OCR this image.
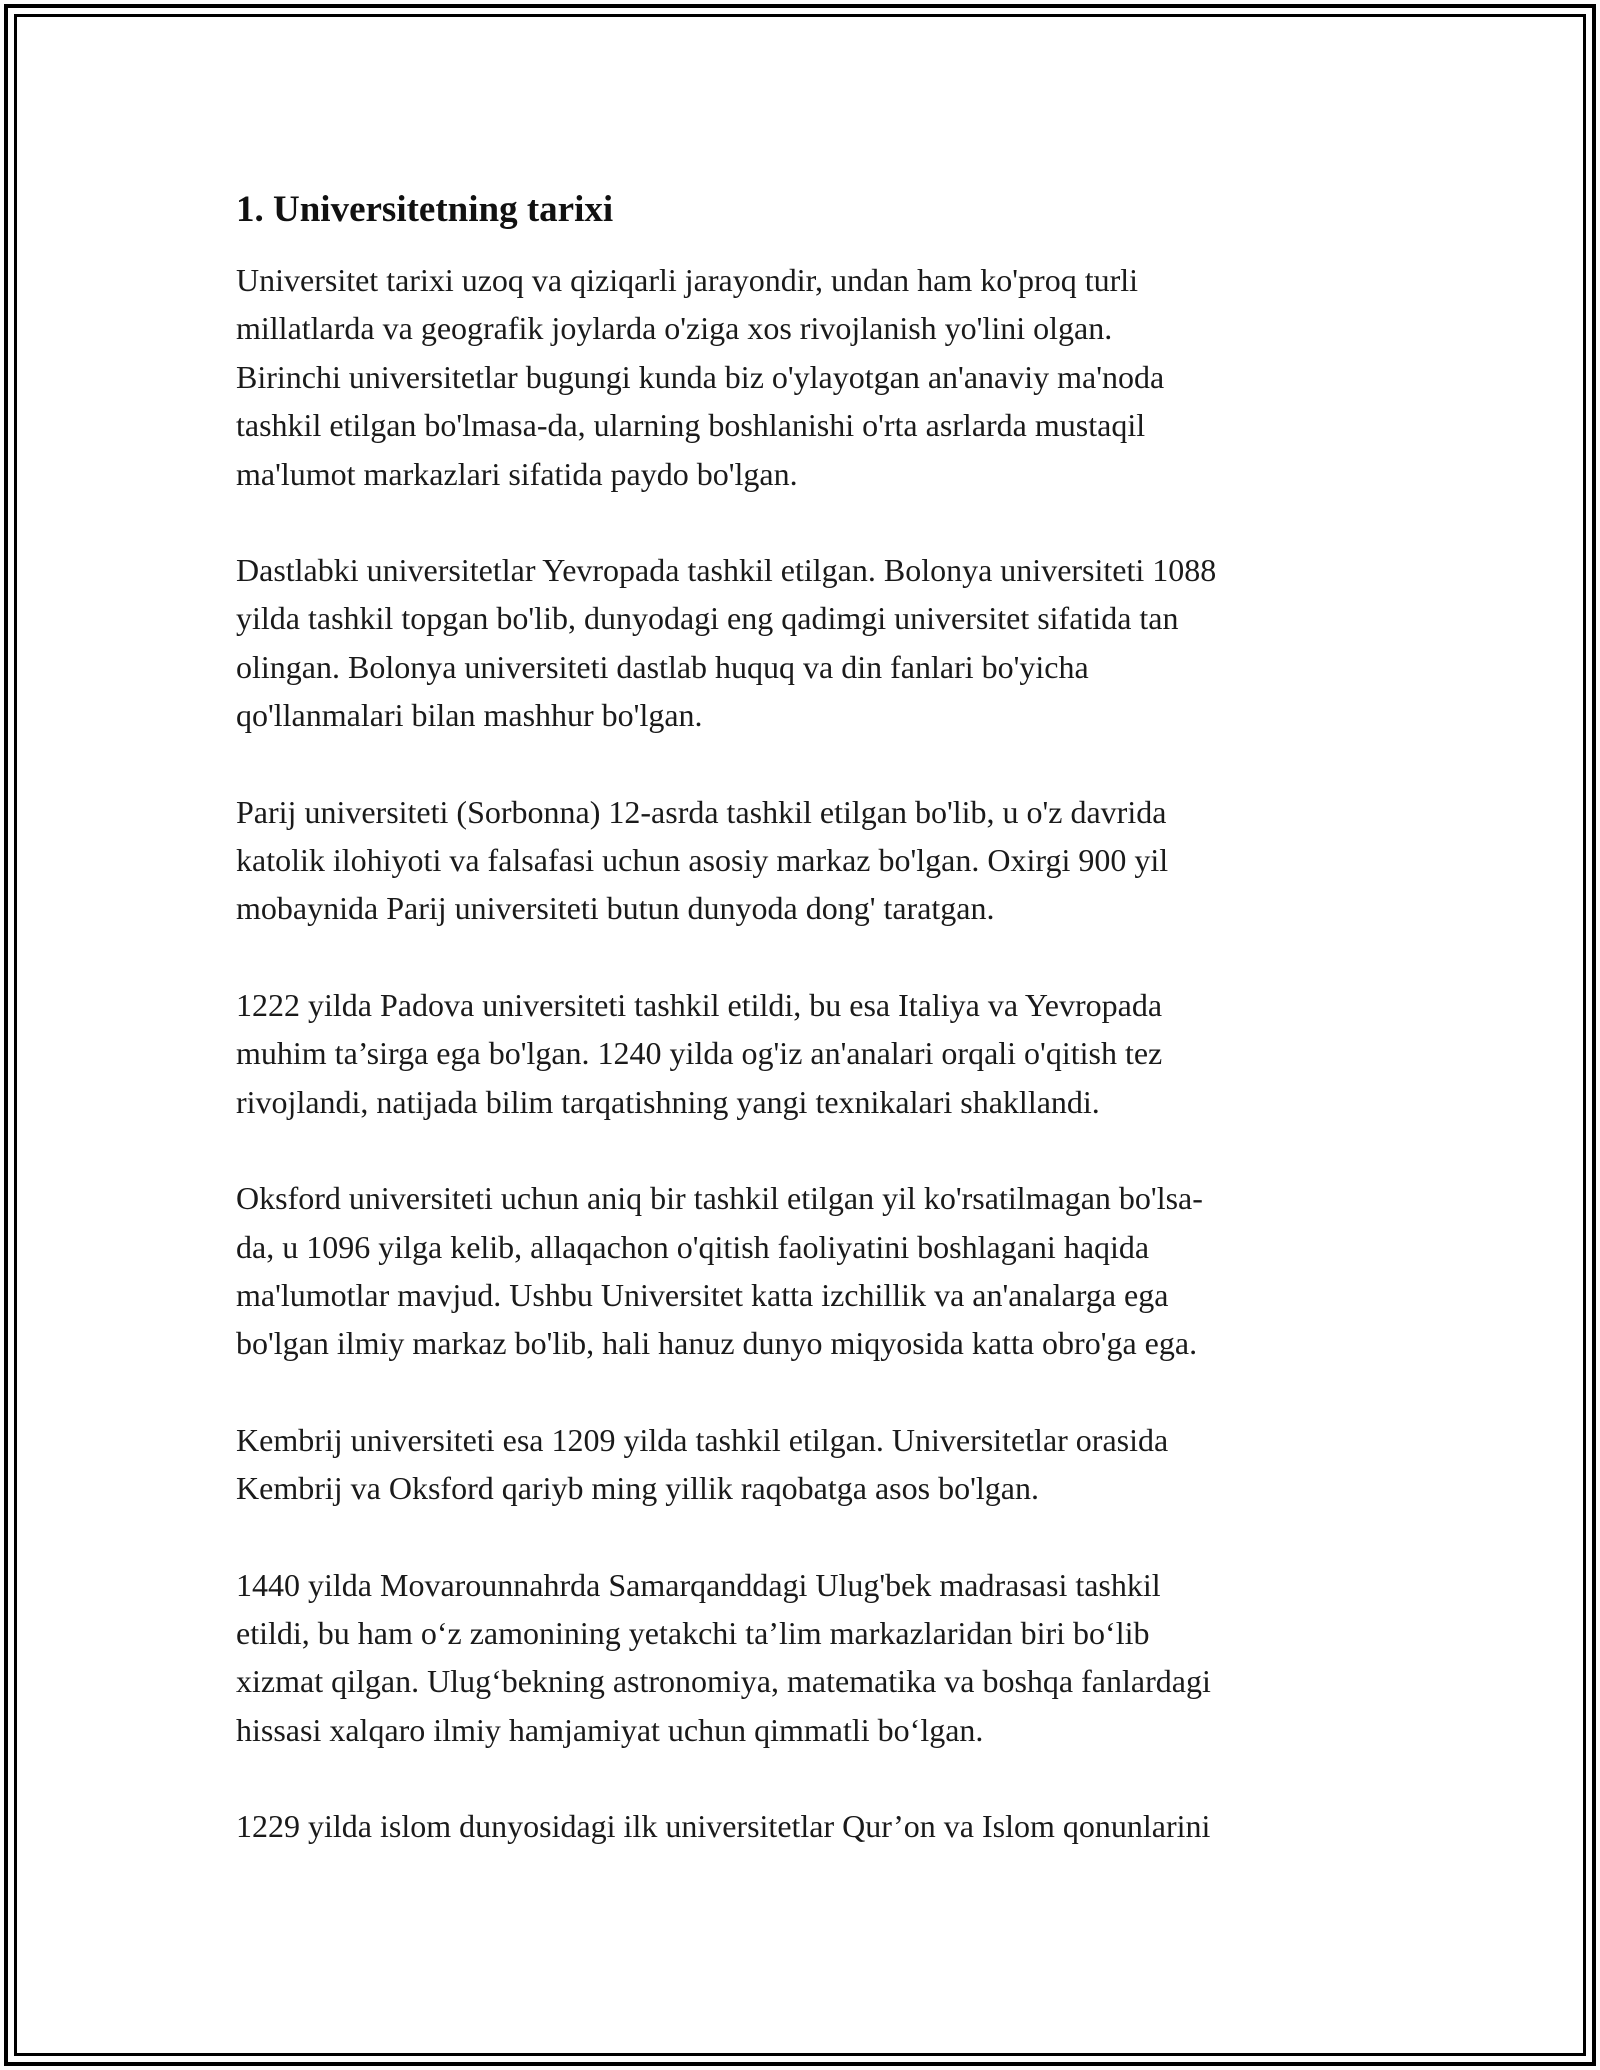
1. Universitetning tarixi

Universitet tarixi uzoq va qiziqarli jarayondir, undan ham ko'proq turli
millatlarda va geografik joylarda o'ziga xos rivojlanish yo'lini olgan.
Birinchi universitetlar bugungi kunda biz o'ylayotgan an'anaviy ma'noda
tashkil etilgan bo'lmasa-da, ularning boshlanishi o'rta asrlarda mustaqil
ma'lumot markazlari sifatida paydo bo'lgan.

Dastlabki universitetlar Yevropada tashkil etilgan. Bolonya universiteti 1088
yilda tashkil topgan bo'lib, dunyodagi eng qadimgi universitet sifatida tan
olingan. Bolonya universiteti dastlab huquq va din fanlari bo'yicha
qo'llanmalari bilan mashhur bo'lgan.

Parij universiteti (Sorbonna) 12-asrda tashkil etilgan bo'lib, u o'z davrida
katolik ilohiyoti va falsafasi uchun asosiy markaz bo'lgan. Oxirgi 900 yil
mobaynida Parij universiteti butun dunyoda dong' taratgan.

1222 yilda Padova universiteti tashkil etildi, bu esa Italiya va Yevropada
muhim ta’sirga ega bo'lgan. 1240 yilda og'iz an'analari orqali o'qitish tez
rivojlandi, natijada bilim tarqatishning yangi texnikalari shakllandi.

Oksford universiteti uchun aniq bir tashkil etilgan yil ko'rsatilmagan bo'lsa-
da, u 1096 yilga kelib, allaqachon o'qitish faoliyatini boshlagani haqida
ma'lumotlar mavjud. Ushbu Universitet katta izchillik va an'analarga ega
bo'lgan ilmiy markaz bo'lib, hali hanuz dunyo miqyosida katta obro'ga ega.

Kembrij universiteti esa 1209 yilda tashkil etilgan. Universitetlar orasida
Kembrij va Oksford qariyb ming yillik raqobatga asos bo'lgan.

1440 yilda Movarounnahrda Samarqanddagi Ulug'bek madrasasi tashkil
etildi, bu ham o‘z zamonining yetakchi ta’lim markazlaridan biri bo‘lib
xizmat qilgan. Ulug‘bekning astronomiya, matematika va boshqa fanlardagi
hissasi xalqaro ilmiy hamjamiyat uchun qimmatli bo‘lgan.

1229 yilda islom dunyosidagi ilk universitetlar Qur’on va Islom qonunlarini
